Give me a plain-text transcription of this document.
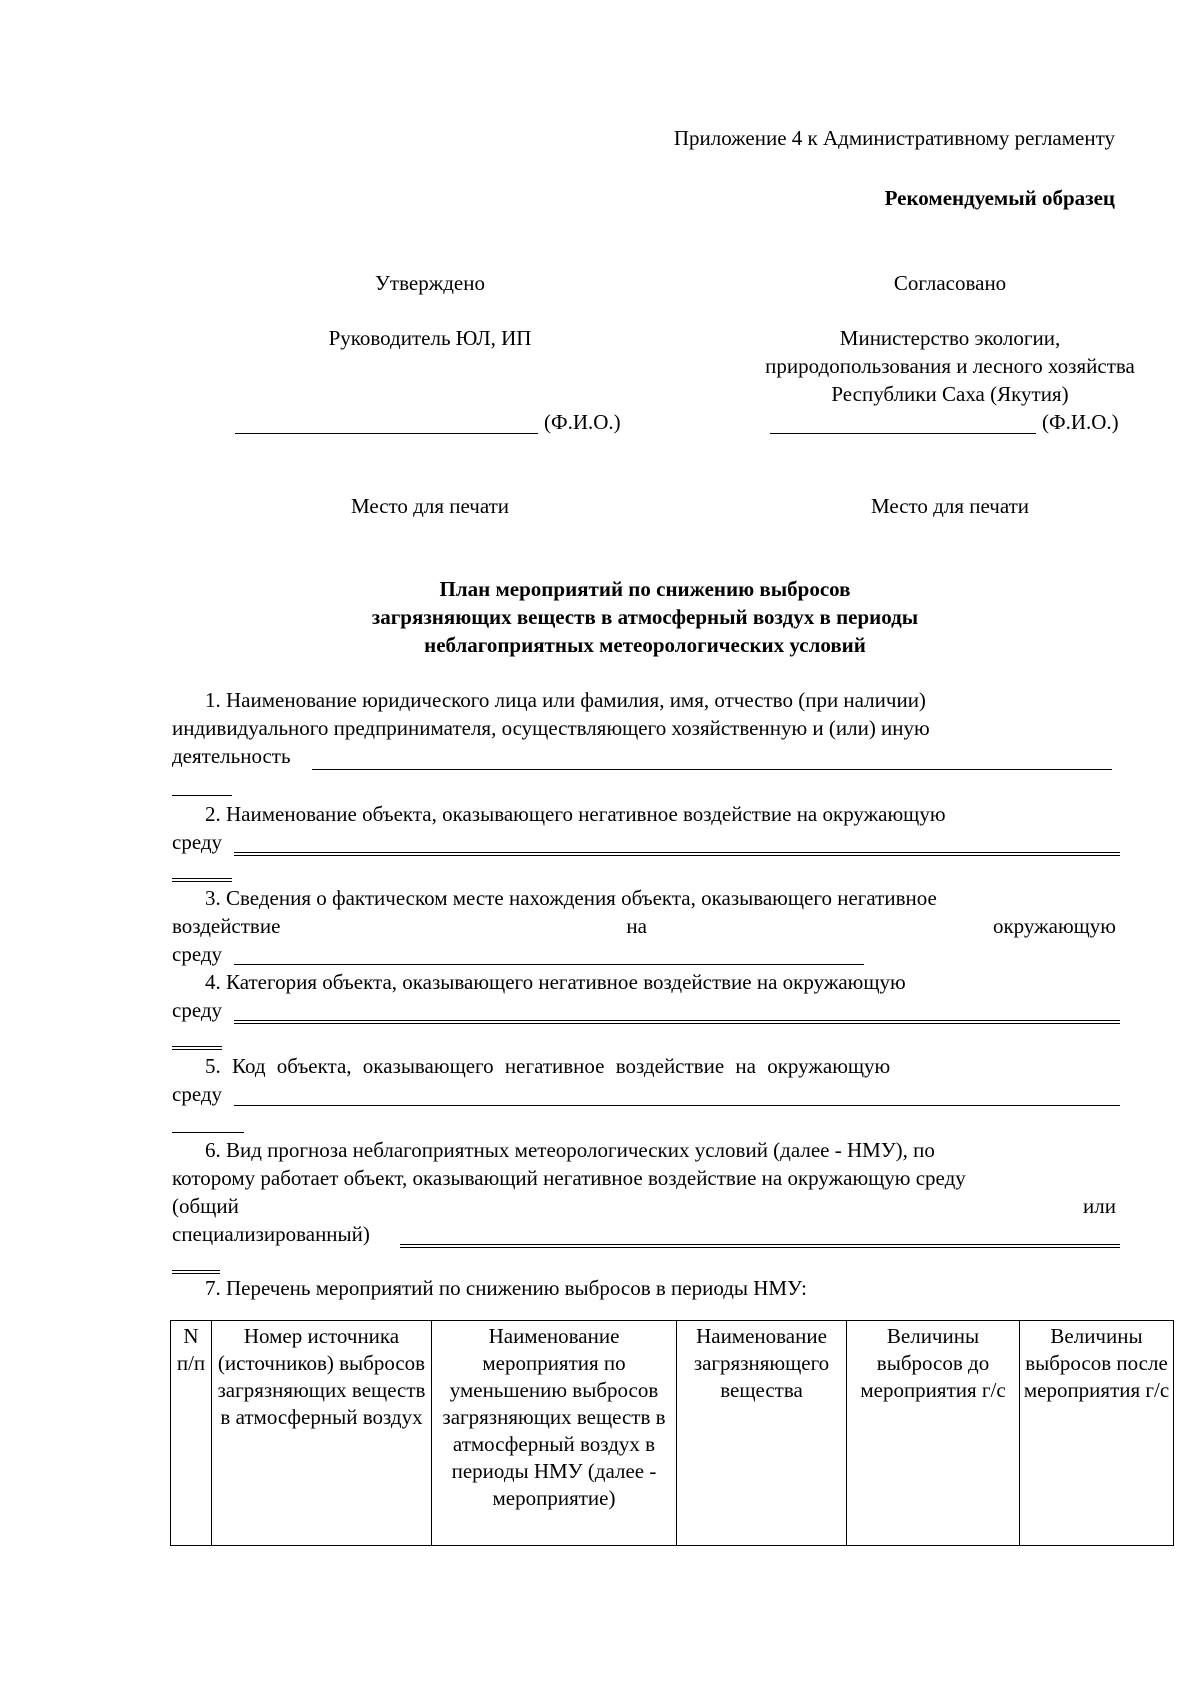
Приложение 4 к Административному регламенту
Рекомендуемый образец
Утверждено
Руководитель ЮЛ, ИП
(Ф.И.О.)
Место для печати
Согласовано
Министерство экологии,
природопользования и лесного хозяйства
Республики Саха (Якутия)
(Ф.И.О.)
Место для печати
План мероприятий по снижению выбросов
загрязняющих веществ в атмосферный воздух в периоды
неблагоприятных метеорологических условий
1. Наименование юридического лица или фамилия, имя, отчество (при наличии)
индивидуального предпринимателя, осуществляющего хозяйственную и (или) иную
деятельность
2. Наименование объекта, оказывающего негативное воздействие на окружающую
среду
3. Сведения о фактическом месте нахождения объекта, оказывающего негативное
воздействие	на	окружающую
среду
4. Категория объекта, оказывающего негативное воздействие на окружающую
среду
5. Код объекта, оказывающего негативное воздействие на окружающую
среду
6. Вид прогноза неблагоприятных метеорологических условий (далее - НМУ), по
которому работает объект, оказывающий негативное воздействие на окружающую среду
(общий	или
специализированный)
7. Перечень мероприятий по снижению выбросов в периоды НМУ:
N п/п	Номер источника (источников) выбросов загрязняющих веществ в атмосферный воздух	Наименование мероприятия по уменьшению выбросов загрязняющих веществ в атмосферный воздух в периоды НМУ (далее - мероприятие)	Наименование загрязняющего вещества	Величины выбросов до мероприятия г/с	Величины выбросов после мероприятия г/с
